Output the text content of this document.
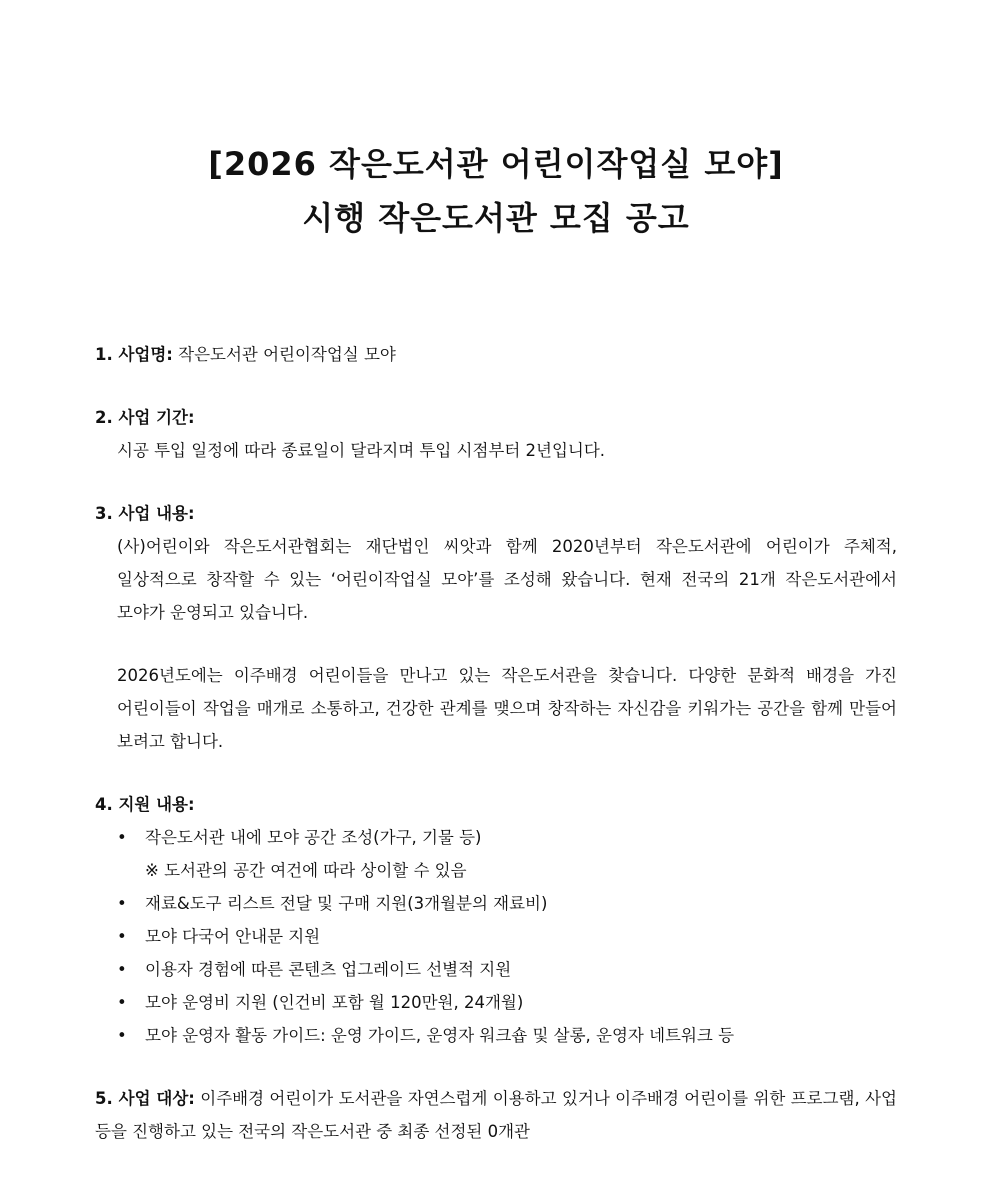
[2026 작은도서관 어린이작업실 모야]
시행 작은도서관 모집 공고
1. 사업명: 작은도서관 어린이작업실 모야
2. 사업 기간:
시공 투입 일정에 따라 종료일이 달라지며 투입 시점부터 2년입니다.
3. 사업 내용:

(사)어린이와 작은도서관협회는 재단법인 씨앗과 함께 2020년부터 작은도서관에 어린이가 주체적, 일상적으로 창작할 수 있는 ‘어린이작업실 모야’를 조성해 왔습니다. 현재 전국의 21개 작은도서관에서 모야가 운영되고 있습니다.

2026년도에는 이주배경 어린이들을 만나고 있는 작은도서관을 찾습니다. 다양한 문화적 배경을 가진 어린이들이 작업을 매개로 소통하고, 건강한 관계를 맺으며 창작하는 자신감을 키워가는 공간을 함께 만들어 보려고 합니다.

4. 지원 내용:
• 작은도서관 내에 모야 공간 조성(가구, 기물 등)
※ 도서관의 공간 여건에 따라 상이할 수 있음
• 재료&도구 리스트 전달 및 구매 지원(3개월분의 재료비)
• 모야 다국어 안내문 지원
• 이용자 경험에 따른 콘텐츠 업그레이드 선별적 지원
• 모야 운영비 지원 (인건비 포함 월 120만원, 24개월)
• 모야 운영자 활동 가이드: 운영 가이드, 운영자 워크숍 및 살롱, 운영자 네트워크 등
5. 사업 대상: 이주배경 어린이가 도서관을 자연스럽게 이용하고 있거나 이주배경 어린이를 위한 프로그램, 사업 등을 진행하고 있는 전국의 작은도서관 중 최종 선정된 0개관
